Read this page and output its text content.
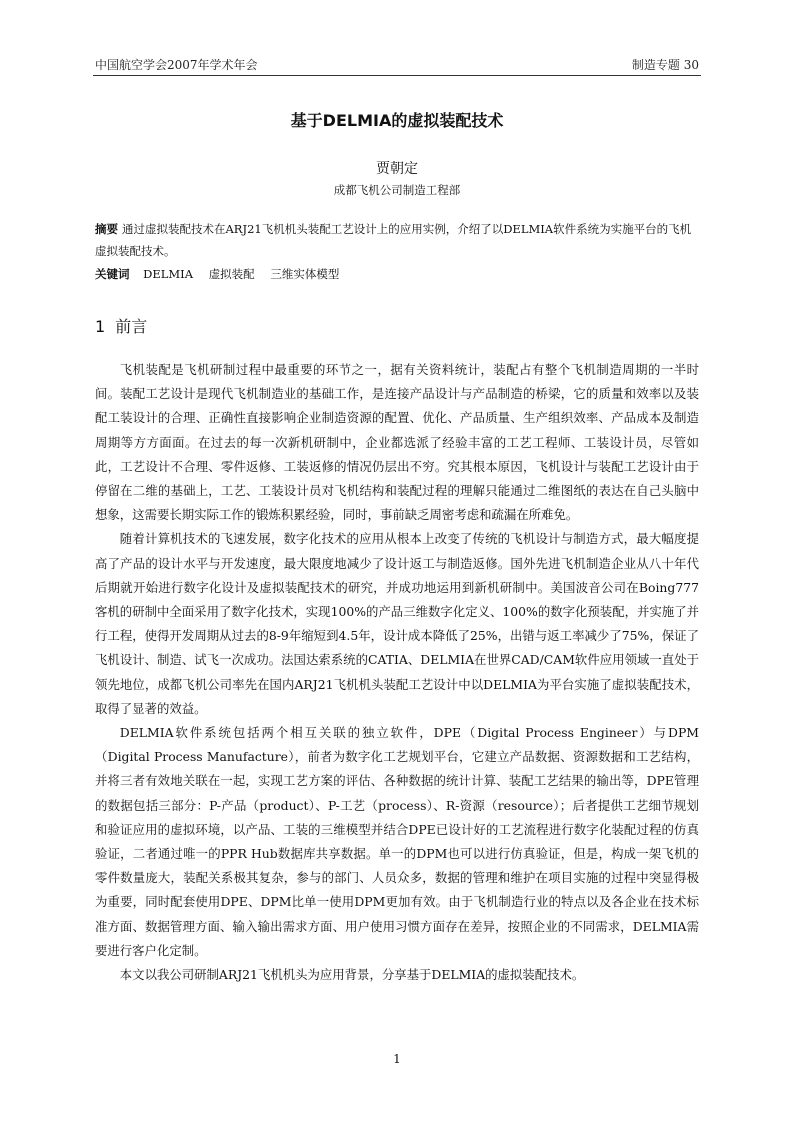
中国航空学会2007年学术年会	制造专题 30
基于DELMIA的虚拟装配技术
贾朝定
成都飞机公司制造工程部
摘要 通过虚拟装配技术在ARJ21飞机机头装配工艺设计上的应用实例，介绍了以DELMIA软件系统为实施平台的飞机虚拟装配技术。
关键词 DELMIA 虚拟装配 三维实体模型
1 前言

飞机装配是飞机研制过程中最重要的环节之一，据有关资料统计，装配占有整个飞机制造周期的一半时间。装配工艺设计是现代飞机制造业的基础工作，是连接产品设计与产品制造的桥梁，它的质量和效率以及装配工装设计的合理、正确性直接影响企业制造资源的配置、优化、产品质量、生产组织效率、产品成本及制造周期等方方面面。在过去的每一次新机研制中，企业都选派了经验丰富的工艺工程师、工装设计员，尽管如此，工艺设计不合理、零件返修、工装返修的情况仍层出不穷。究其根本原因，飞机设计与装配工艺设计由于停留在二维的基础上，工艺、工装设计员对飞机结构和装配过程的理解只能通过二维图纸的表达在自己头脑中想象，这需要长期实际工作的锻炼积累经验，同时，事前缺乏周密考虑和疏漏在所难免。

随着计算机技术的飞速发展，数字化技术的应用从根本上改变了传统的飞机设计与制造方式，最大幅度提高了产品的设计水平与开发速度，最大限度地减少了设计返工与制造返修。国外先进飞机制造企业从八十年代后期就开始进行数字化设计及虚拟装配技术的研究，并成功地运用到新机研制中。美国波音公司在Boing777客机的研制中全面采用了数字化技术，实现100%的产品三维数字化定义、100%的数字化预装配，并实施了并行工程，使得开发周期从过去的8-9年缩短到4.5年，设计成本降低了25%，出错与返工率减少了75%，保证了飞机设计、制造、试飞一次成功。法国达索系统的CATIA、DELMIA在世界CAD/CAM软件应用领域一直处于领先地位，成都飞机公司率先在国内ARJ21飞机机头装配工艺设计中以DELMIA为平台实施了虚拟装配技术，取得了显著的效益。

DELMIA软件系统包括两个相互关联的独立软件，DPE（Digital Process Engineer）与DPM（Digital Process Manufacture），前者为数字化工艺规划平台，它建立产品数据、资源数据和工艺结构，并将三者有效地关联在一起，实现工艺方案的评估、各种数据的统计计算、装配工艺结果的输出等，DPE管理的数据包括三部分：P-产品（product）、P-工艺（process）、R-资源（resource）；后者提供工艺细节规划和验证应用的虚拟环境，以产品、工装的三维模型并结合DPE已设计好的工艺流程进行数字化装配过程的仿真验证，二者通过唯一的PPR Hub数据库共享数据。单一的DPM也可以进行仿真验证，但是，构成一架飞机的零件数量庞大，装配关系极其复杂，参与的部门、人员众多，数据的管理和维护在项目实施的过程中突显得极为重要，同时配套使用DPE、DPM比单一使用DPM更加有效。由于飞机制造行业的特点以及各企业在技术标准方面、数据管理方面、输入输出需求方面、用户使用习惯方面存在差异，按照企业的不同需求，DELMIA需要进行客户化定制。

本文以我公司研制ARJ21飞机机头为应用背景，分享基于DELMIA的虚拟装配技术。

1
